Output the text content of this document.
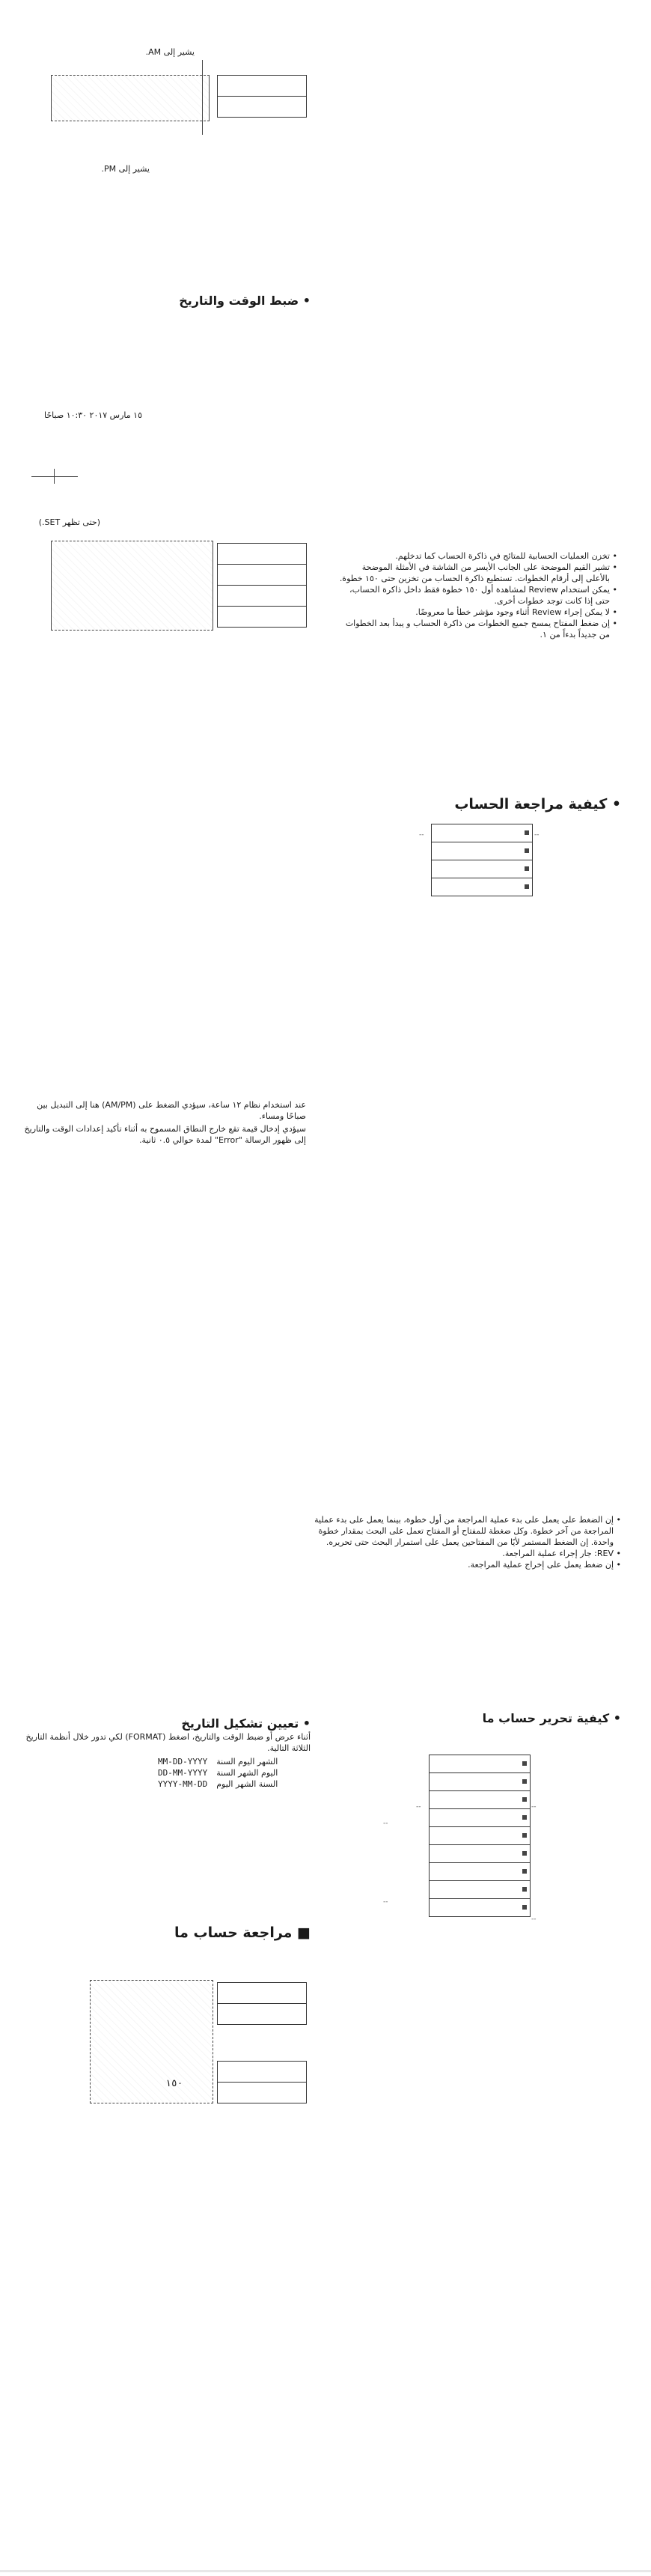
يشير إلى AM.
يشير إلى PM.
• ضبط الوقت والتاريخ
١٥ مارس ٢٠١٧ ١٠:٣٠ صباحًا
(حتى تظهر SET.)
• تخزن العمليات الحسابية للمتائج في ذاكرة الحساب كما تدخلهم.
• تشير القيم الموضحة على الجانب الأيسر من الشاشة في الأمثلة الموضحة بالأعلى إلى أرقام الخطوات. تستطيع ذاكرة الحساب من تخزين حتى ١٥٠ خطوة.
• يمكن استخدام Review لمشاهدة أول ١٥٠ خطوة فقط داخل ذاكرة الحساب، حتى إذا كانت توجد خطوات أخرى.
• لا يمكن إجراء Review أثناء وجود مؤشر خطأ ما معروضًا.
• إن ضغط المفتاح يمسح جميع الخطوات من ذاكرة الحساب و يبدأ بعد الخطوات من جديداً بدءاً من ١.
• كيفية مراجعة الحساب
--	--
عند استخدام نظام ١٢ ساعة، سيؤدي الضغط على (AM/PM) هنا إلى التبديل بين صباحًا ومساء.
سيؤدي إدخال قيمة تقع خارج النطاق المسموح به أثناء تأكيد إعدادات الوقت والتاريخ إلى ظهور الرسالة "Error" لمدة حوالي ٠.٥ ثانية.
• إن الضغط على يعمل على بدء عملية المراجعة من أول خطوة، بينما يعمل على بدء عملية المراجعة من آخر خطوة. وكل ضغطة للمفتاح أو المفتاح تعمل على البحث بمقدار خطوة واحدة. إن الضغط المستمر لأيًا من المفتاحين يعمل على استمرار البحث حتى تحريره.
• REV: جار إجراء عملية المراجعة.
• إن ضغط يعمل على إخراج عملية المراجعة.
• كيفية تحرير حساب ما
--	--
--
--
--
• تعيين تشكيل التاريخ
أثناء عرض أو ضبط الوقت والتاريخ، اضغط (FORMAT) لكي تدور خلال أنظمة التاريخ الثلاثة التالية.
MM-DD-YYYY	الشهر اليوم السنة
DD-MM-YYYY	اليوم الشهر السنة
YYYY-MM-DD	السنة الشهر اليوم
■ مراجعة حساب ما
١٥٠
